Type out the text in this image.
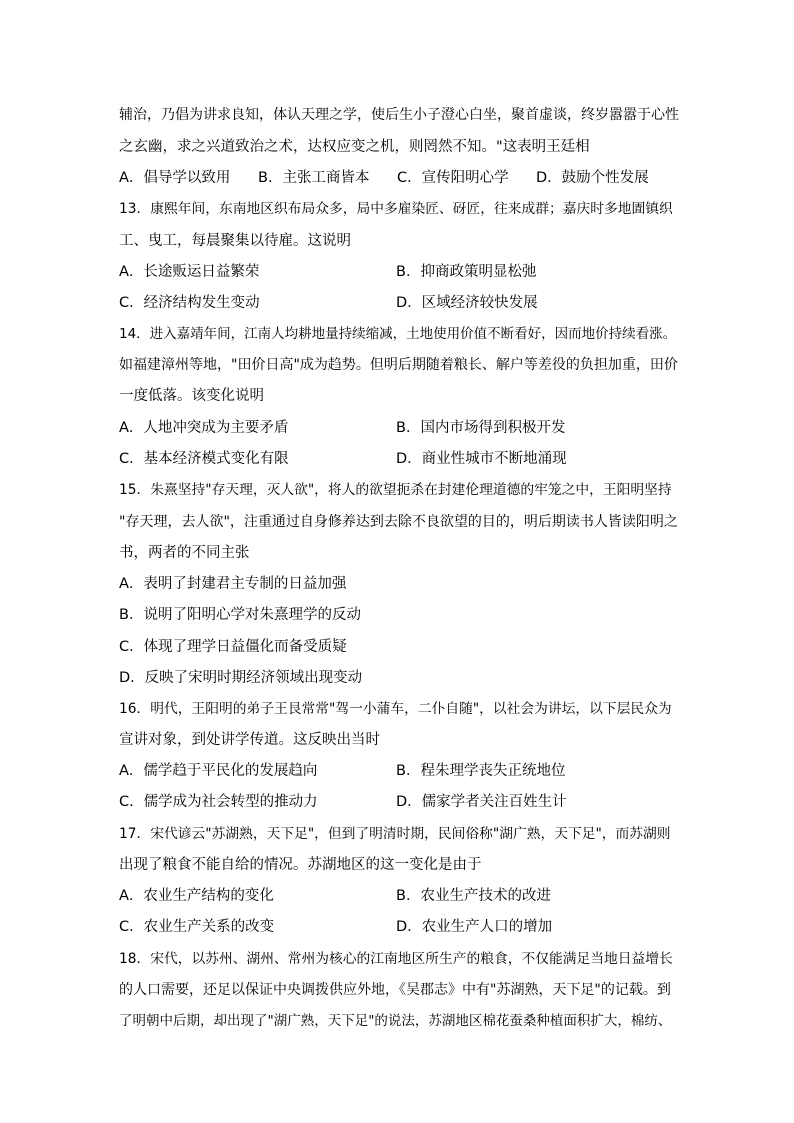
辅治，乃倡为讲求良知，体认天理之学，使后生小子澄心白坐，聚首虚谈，终岁嚣嚣于心性
之玄幽，求之兴道致治之术，达权应变之机，则罔然不知。"这表明王廷相
A．倡导学以致用 B．主张工商皆本 C．宣传阳明心学 D．鼓励个性发展
13．康熙年间，东南地区织布局众多，局中多雇染匠、砑匠，往来成群；嘉庆时多地圊镇织
工、曳工，每晨聚集以待雇。这说明
A．长途贩运日益繁荣	B．抑商政策明显松弛
C．经济结构发生变动	D．区域经济较快发展
14．进入嘉靖年间，江南人均耕地量持续缩减，土地使用价值不断看好，因而地价持续看涨。
如福建漳州等地，"田价日高"成为趋势。但明后期随着粮长、解户等差役的负担加重，田价
一度低落。该变化说明
A．人地冲突成为主要矛盾	B．国内市场得到积极开发
C．基本经济模式变化有限	D．商业性城市不断地涌现
15．朱熹坚持"存天理，灭人欲"，将人的欲望扼杀在封建伦理道德的牢笼之中，王阳明坚持
"存天理，去人欲"，注重通过自身修养达到去除不良欲望的目的，明后期读书人皆读阳明之
书，两者的不同主张
A．表明了封建君主专制的日益加强
B．说明了阳明心学对朱熹理学的反动
C．体现了理学日益僵化而备受质疑
D．反映了宋明时期经济领域出现变动
16．明代，王阳明的弟子王艮常常"驾一小蒲车，二仆自随"，以社会为讲坛，以下层民众为
宣讲对象，到处讲学传道。这反映出当时
A．儒学趋于平民化的发展趋向	B．程朱理学丧失正统地位
C．儒学成为社会转型的推动力	D．儒家学者关注百姓生计
17．宋代谚云"苏湖熟，天下足"，但到了明清时期，民间俗称"湖广熟，天下足"，而苏湖则
出现了粮食不能自给的情况。苏湖地区的这一变化是由于
A．农业生产结构的变化	B．农业生产技术的改进
C．农业生产关系的改变	D．农业生产人口的增加
18．宋代，以苏州、湖州、常州为核心的江南地区所生产的粮食，不仅能满足当地日益增长
的人口需要，还足以保证中央调拨供应外地，《吴郡志》中有"苏湖熟，天下足"的记载。到
了明朝中后期，却出现了"湖广熟，天下足"的说法，苏湖地区棉花蚕桑种植面积扩大，棉纺、
